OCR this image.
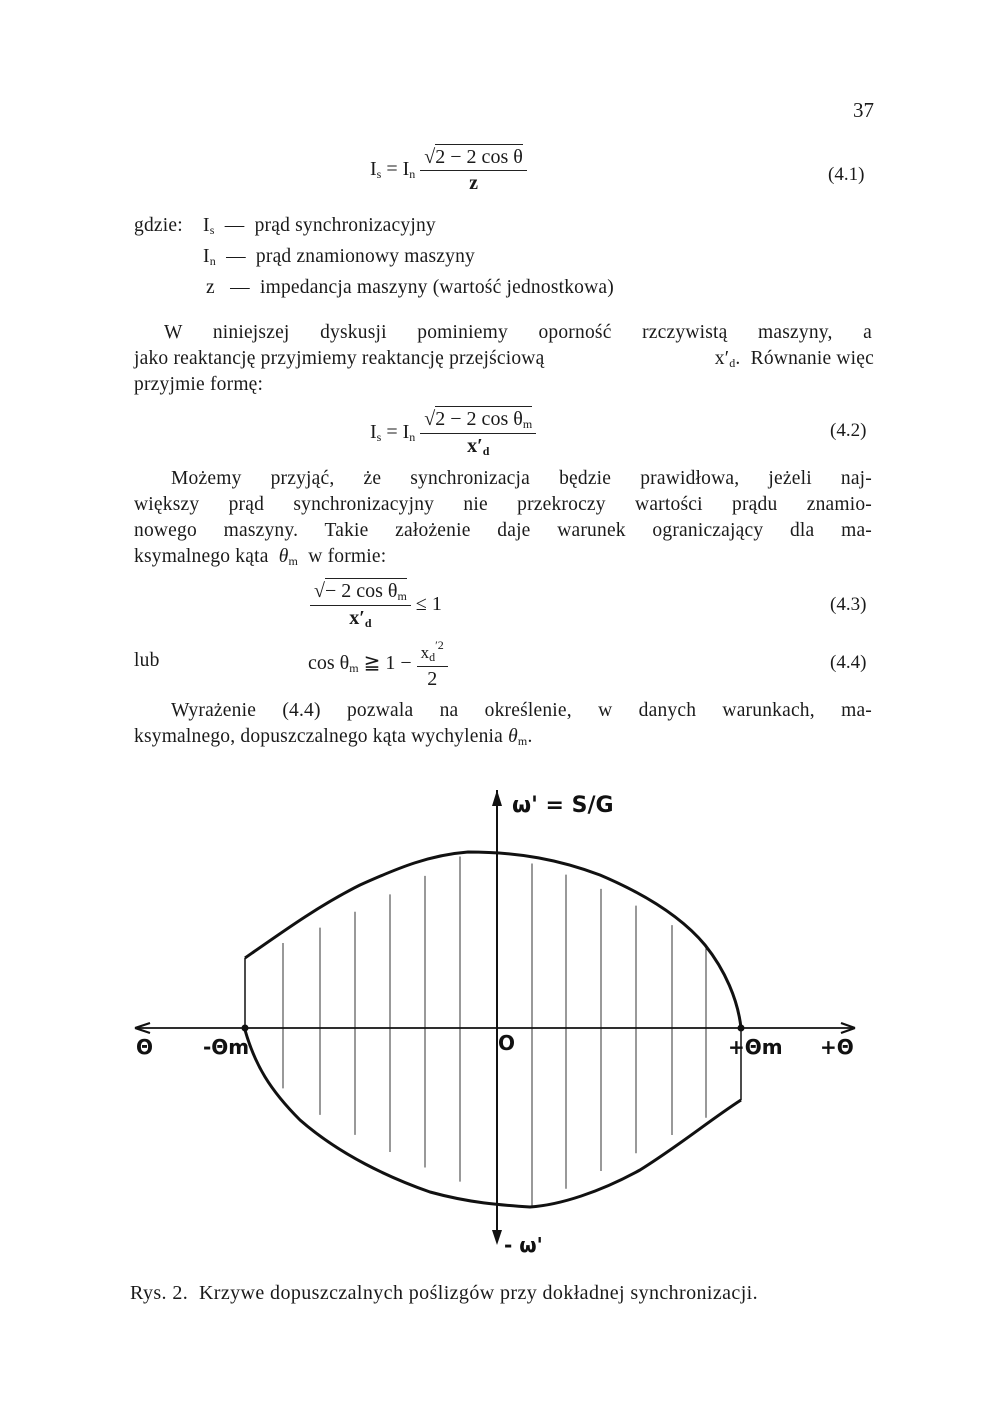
37
$I_s = I_n \frac{\text{√2 − 2 cos θ}}{z}$	(4.1)
gdzie: $I_s$ — prąd synchronizacyjny
$I_n$ — prąd znamionowy maszyny
z — impedancja maszyny (wartość jednostkowa)
W niniejszej dyskusji pominiemy oporność rzczywistą maszyny, a
jako reaktancję przyjmiemy reaktancję przejściową	$x'_d$. Równanie więc
przyjmie formę:
$I_s = I_n \frac{√2 - 2 \cos \theta_m}{x'_d}$	(4.2)
Możemy przyjąć, że synchronizacja będzie prawidłowa, jeżeli naj-
większy prąd synchronizacyjny nie przekroczy wartości prądu znamio-
nowego maszyny. Takie założenie daje warunek ograniczający dla ma-
ksymalnego kąta $\theta_m$ w formie:
$\frac{√- 2 \cos \theta_m}{x'_d} \le 1$	(4.3)
lub	$\cos \theta_m$ ≧ $1 - \frac{x_d^{'2}}{2}$	(4.4)
Wyrażenie (4.4) pozwala na określenie, w danych warunkach, ma-
ksymalnego, dopuszczalnego kąta wychylenia $\theta_m$.
ω' = S/G
- ω'
Θ	+Θ
-Θm	+Θm
O
Rys. 2. Krzywe dopuszczalnych poślizgów przy dokładnej synchronizacji.
